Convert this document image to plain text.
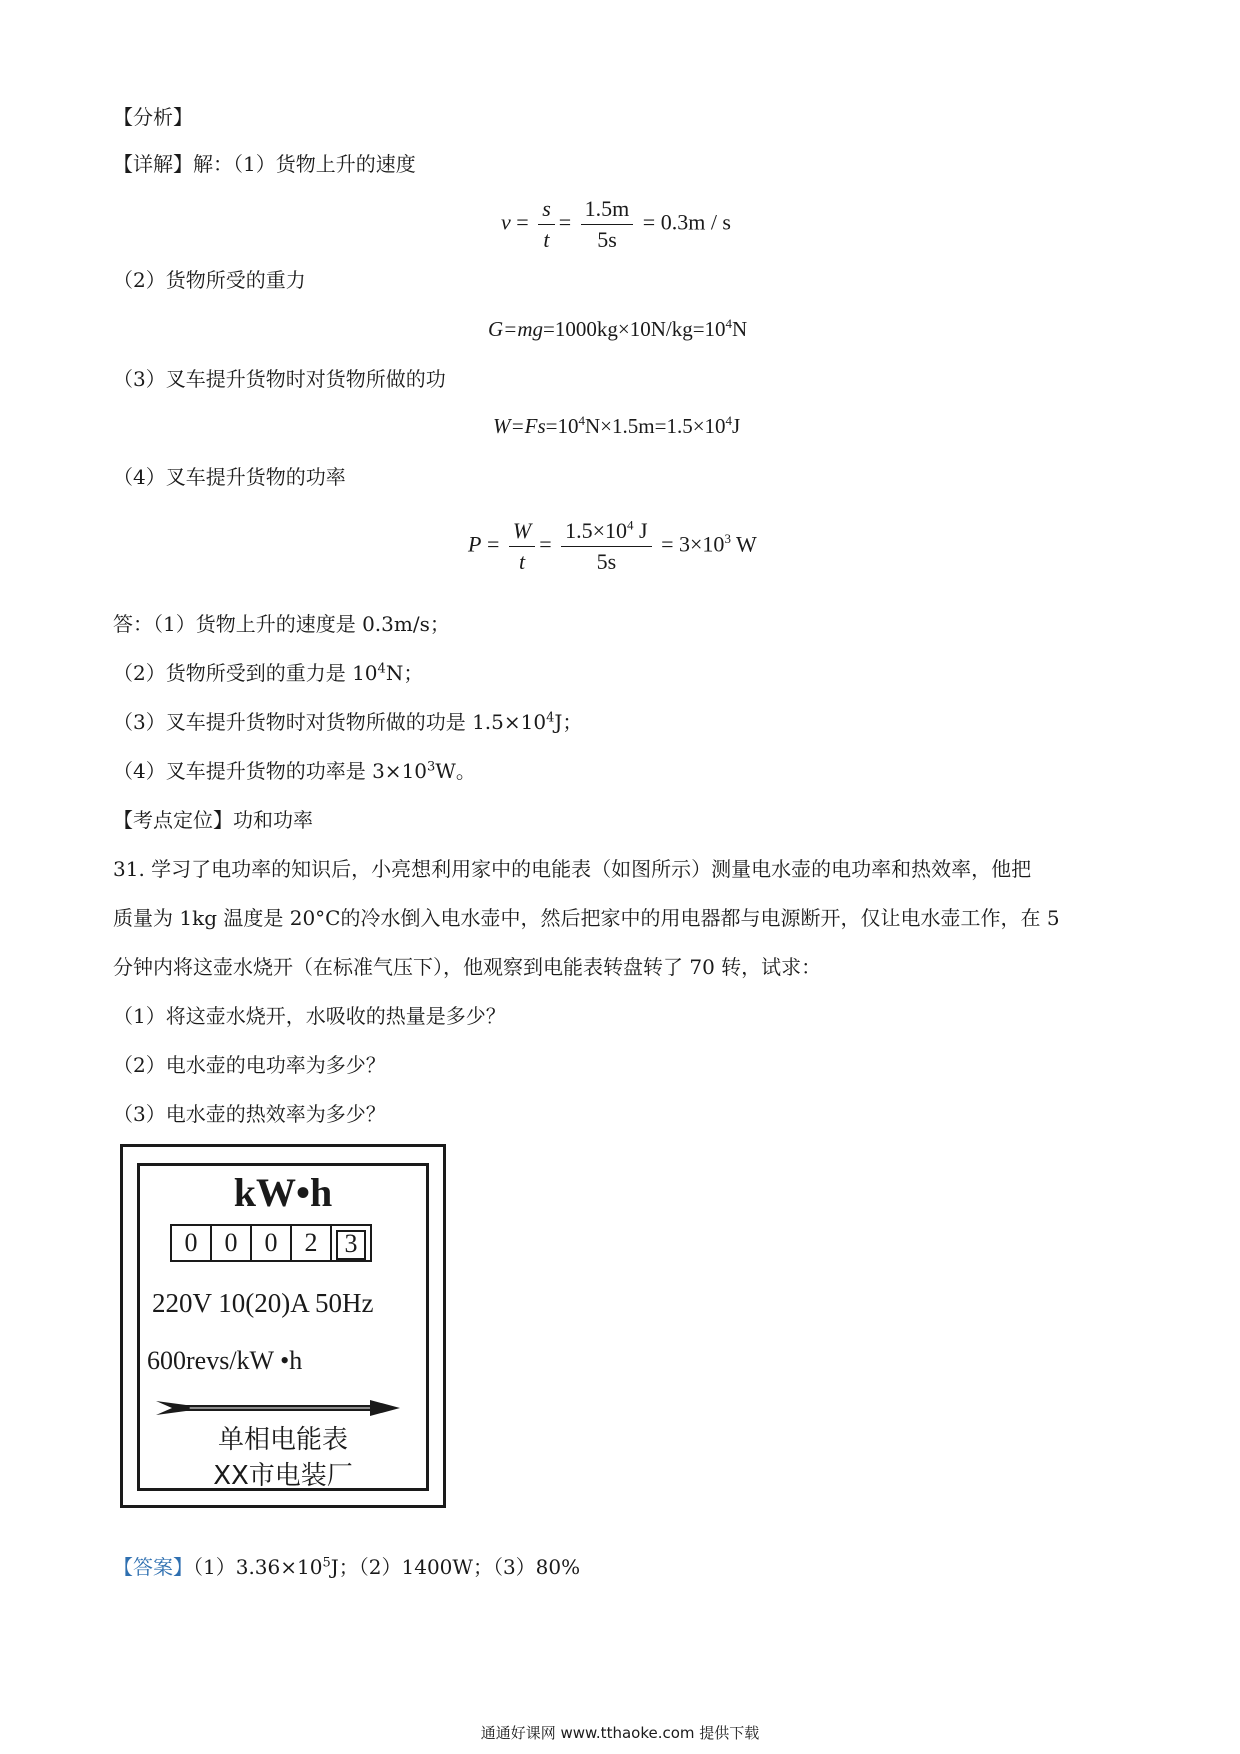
【分析】
【详解】解：（1）货物上升的速度
$v = \frac{s}{t} = \frac{1.5m}{5s} = 0.3m / s$
（2）货物所受的重力
$G=mg=1000kg\times 10N/kg=10^4N$
（3）叉车提升货物时对货物所做的功
$W=Fs=10^4N\times 1.5m=1.5\times 10^4J$
（4）叉车提升货物的功率
$P = \frac{W}{t} = \frac{1.5\times 10^4 J}{5s} = 3\times 10^3$ W
答：（1）货物上升的速度是 0.3m/s；
（2）货物所受到的重力是 $10^4N$；
（3）叉车提升货物时对货物所做的功是 $1.5\times 10^4J$；
（4）叉车提升货物的功率是 $3\times 10^3W$。
【考点定位】功和功率
31. 学习了电功率的知识后，小亮想利用家中的电能表（如图所示）测量电水壶的电功率和热效率，他把
质量为 1kg 温度是 20°C的冷水倒入电水壶中，然后把家中的用电器都与电源断开，仅让电水壶工作，在 5
分钟内将这壶水烧开（在标准气压下），他观察到电能表转盘转了 70 转，试求：
（1）将这壶水烧开，水吸收的热量是多少？
（2）电水壶的电功率为多少？
（3）电水壶的热效率为多少？
kW•h
0	0	0	2	3
220V 10(20)A 50Hz
600revs/kW •h
单相电能表
XX市电装厂
【答案】$(1)3.36\times 10^5J$；（2）1400W；（3）80%
通通好课网 www.tthaoke.com 提供下载
